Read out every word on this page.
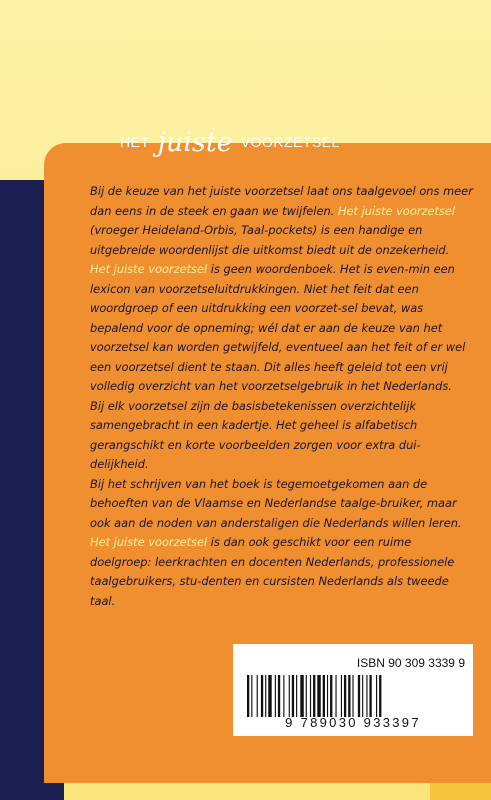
HET juiste VOORZETSEL

Bij de keuze van het juiste voorzetsel laat ons taalgevoel ons meer dan eens in de steek en gaan we twijfelen. Het juiste voorzetsel (vroeger Heideland-Orbis, Taal-pockets) is een handige en uitgebreide woordenlijst die uitkomst biedt uit de onzekerheid.

Het juiste voorzetsel is geen woordenboek. Het is even-min een lexicon van voorzetseluitdrukkingen. Niet het feit dat een woordgroep of een uitdrukking een voorzet-sel bevat, was bepalend voor de opneming; wél dat er aan de keuze van het voorzetsel kan worden getwijfeld, eventueel aan het feit of er wel een voorzetsel dient te staan. Dit alles heeft geleid tot een vrij volledig overzicht van het voorzetselgebruik in het Nederlands.

Bij elk voorzetsel zijn de basisbetekenissen overzichtelijk samengebracht in een kadertje. Het geheel is alfabetisch gerangschikt en korte voorbeelden zorgen voor extra dui-delijkheid.

Bij het schrijven van het boek is tegemoetgekomen aan de behoeften van de Vlaamse en Nederlandse taalge-bruiker, maar ook aan de noden van anderstaligen die Nederlands willen leren. Het juiste voorzetsel is dan ook geschikt voor een ruime doelgroep: leerkrachten en docenten Nederlands, professionele taalgebruikers, stu-denten en cursisten Nederlands als tweede taal.

ISBN 90 309 3339 9
9 789030 933397
